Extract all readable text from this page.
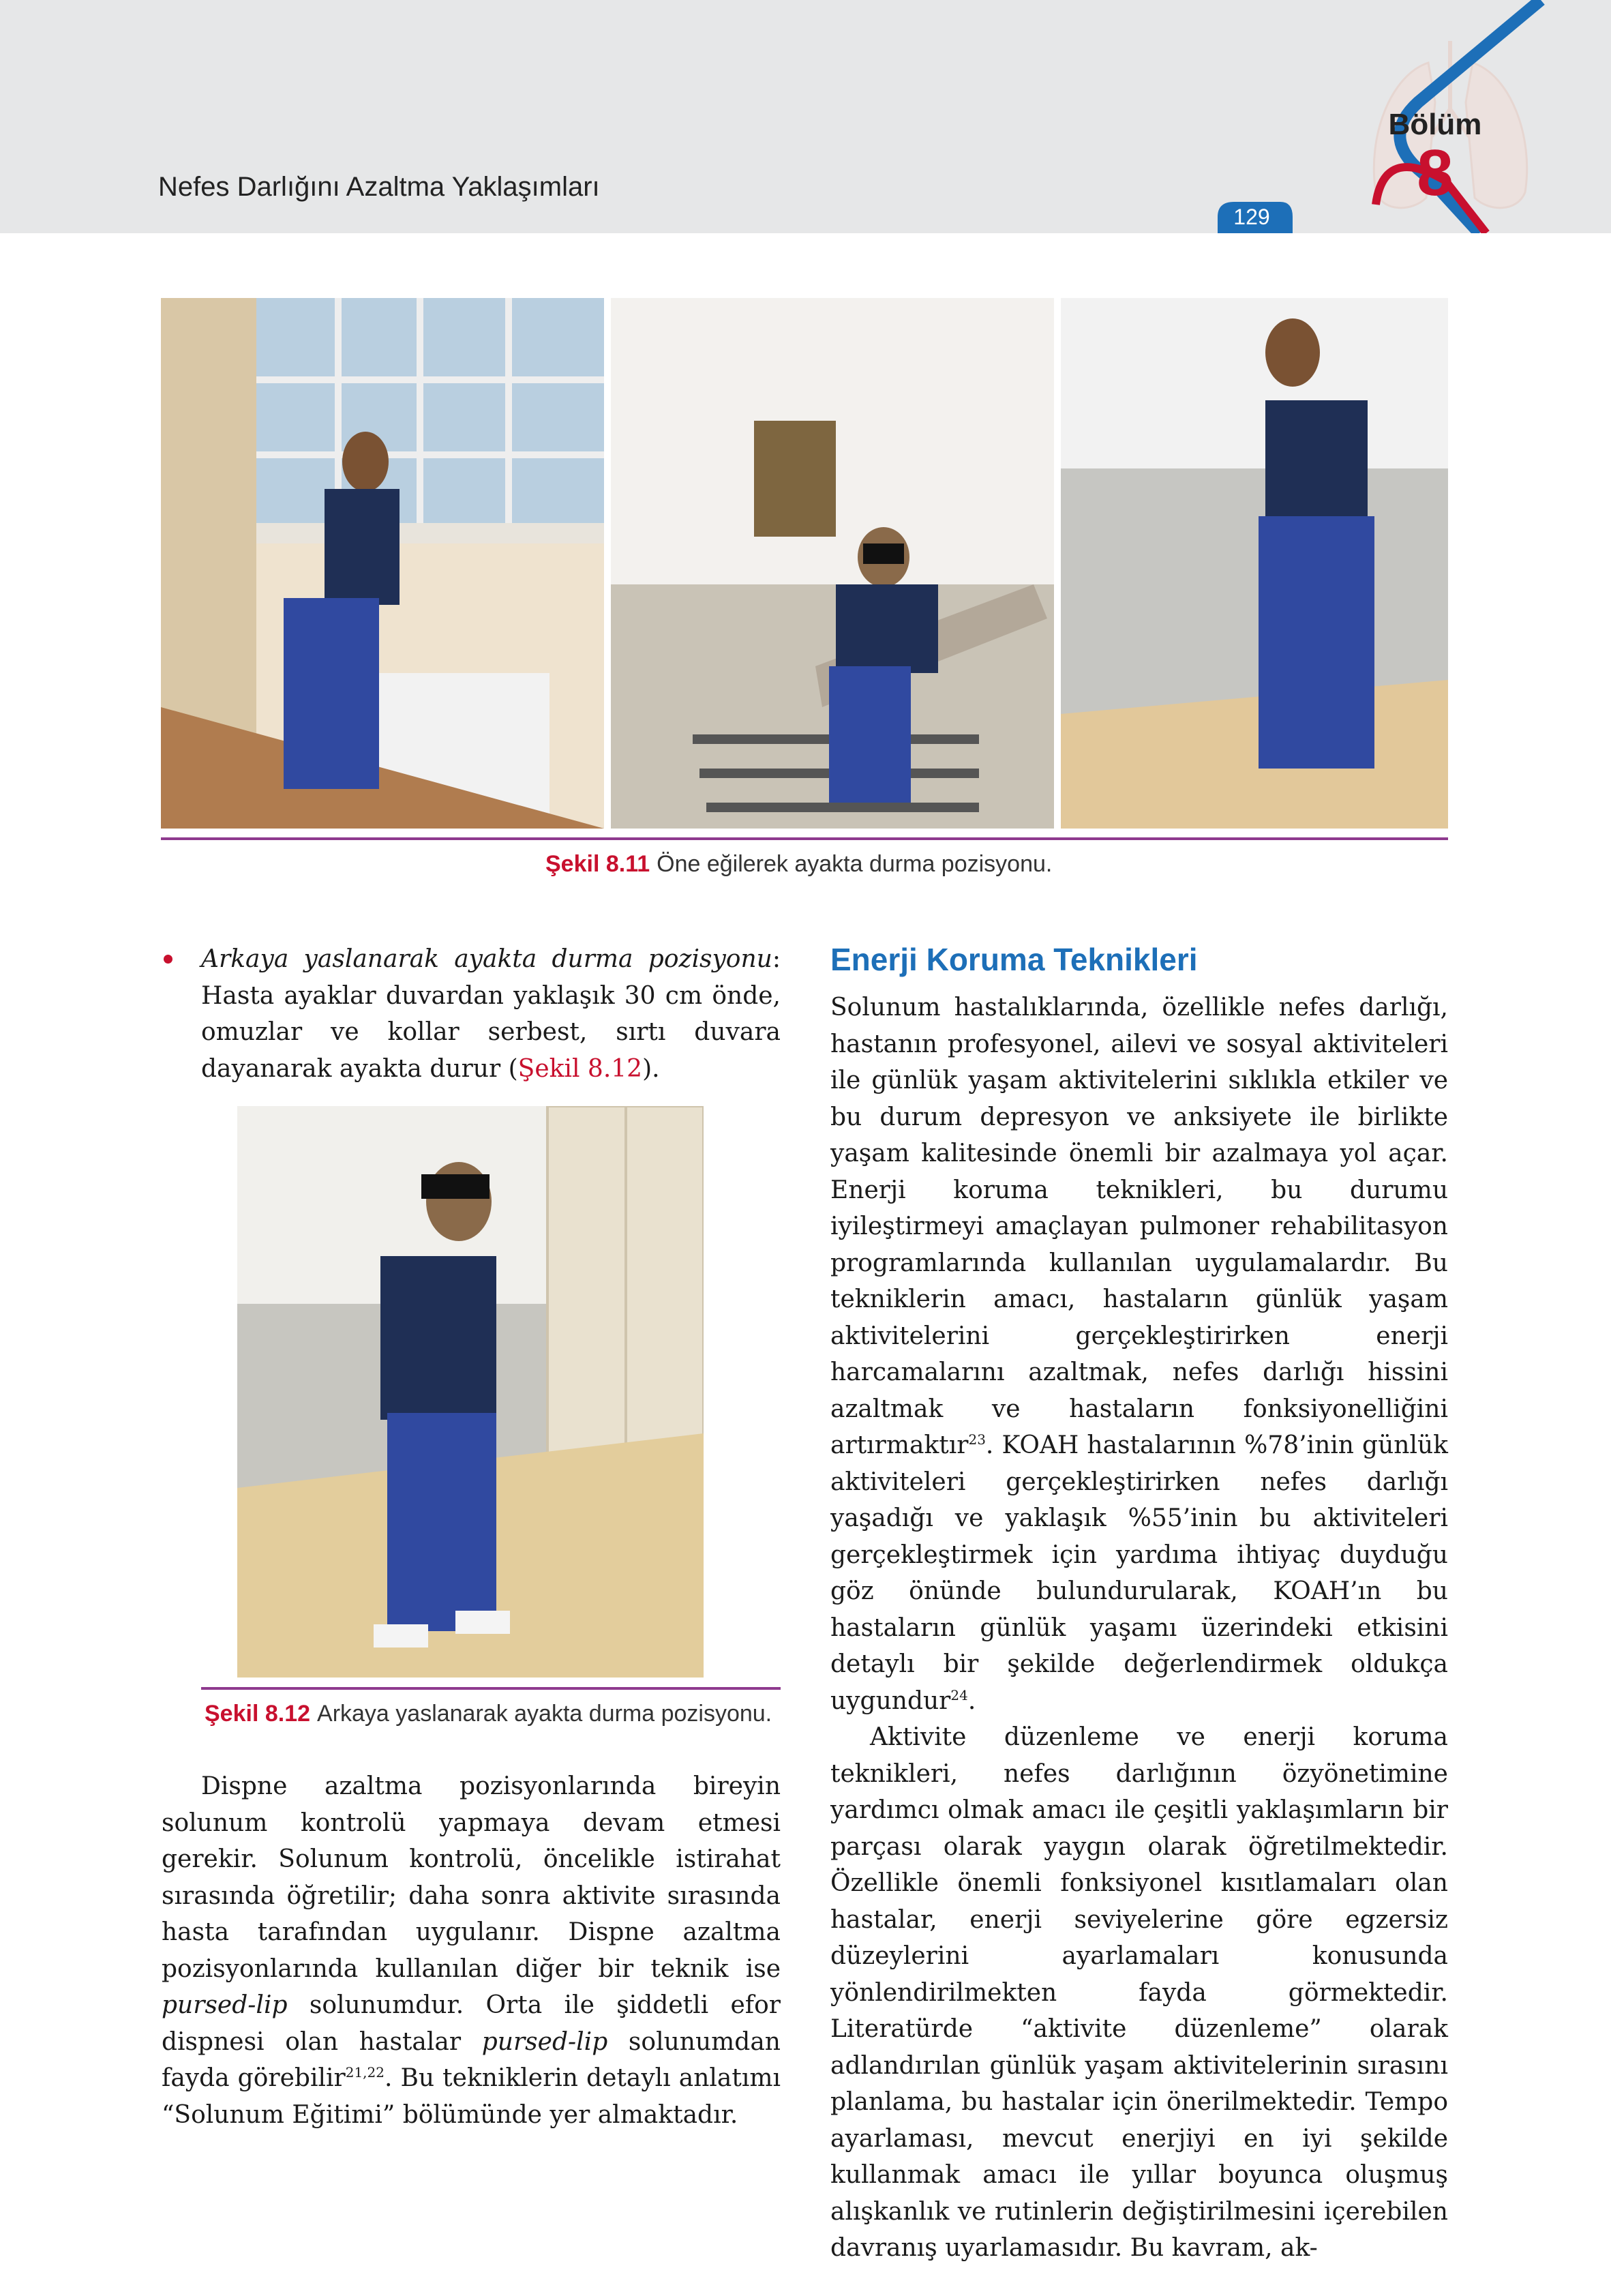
Nefes Darlığını Azaltma Yaklaşımları
129
Bölüm
8
Şekil 8.11 Öne eğilerek ayakta durma pozisyonu.

Arkaya yaslanarak ayakta durma pozisyonu: Hasta ayaklar duvardan yaklaşık 30 cm önde, omuzlar ve kollar serbest, sırtı duvara dayanarak ayakta durur (Şekil 8.12).

Şekil 8.12 Arkaya yaslanarak ayakta durma pozisyonu.

Dispne azaltma pozisyonlarında bireyin solunum kontrolü yapmaya devam etmesi gerekir. Solunum kontrolü, öncelikle istirahat sırasında öğretilir; daha sonra aktivite sırasında hasta tarafından uygulanır. Dispne azaltma pozisyonlarında kullanılan diğer bir teknik ise pursed-lip solunumdur. Orta ile şiddetli efor dispnesi olan hastalar pursed-lip solunumdan fayda görebilir$^{21,22}$. Bu tekniklerin detaylı anlatımı “Solunum Eğitimi” bölümünde yer almaktadır.

Enerji Koruma Teknikleri

Solunum hastalıklarında, özellikle nefes darlığı, hastanın profesyonel, ailevi ve sosyal aktiviteleri ile günlük yaşam aktivitelerini sıklıkla etkiler ve bu durum depresyon ve anksiyete ile birlikte yaşam kalitesinde önemli bir azalmaya yol açar. Enerji koruma teknikleri, bu durumu iyileştirmeyi amaçlayan pulmoner rehabilitasyon programlarında kullanılan uygulamalardır. Bu tekniklerin amacı, hastaların günlük yaşam aktivitelerini gerçekleştirirken enerji harcamalarını azaltmak, nefes darlığı hissini azaltmak ve hastaların fonksiyonelliğini artırmaktır$^{23}$. KOAH hastalarının %78’inin günlük aktiviteleri gerçekleştirirken nefes darlığı yaşadığı ve yaklaşık %55’inin bu aktiviteleri gerçekleştirmek için yardıma ihtiyaç duyduğu göz önünde bulundurularak, KOAH’ın bu hastaların günlük yaşamı üzerindeki etkisini detaylı bir şekilde değerlendirmek oldukça uygundur$^{24}$.

Aktivite düzenleme ve enerji koruma teknikleri, nefes darlığının özyönetimine yardımcı olmak amacı ile çeşitli yaklaşımların bir parçası olarak yaygın olarak öğretilmektedir. Özellikle önemli fonksiyonel kısıtlamaları olan hastalar, enerji seviyelerine göre egzersiz düzeylerini ayarlamaları konusunda yönlendirilmekten fayda görmektedir. Literatürde “aktivite düzenleme” olarak adlandırılan günlük yaşam aktivitelerinin sırasını planlama, bu hastalar için önerilmektedir. Tempo ayarlaması, mevcut enerjiyi en iyi şekilde kullanmak amacı ile yıllar boyunca oluşmuş alışkanlık ve rutinlerin değiştirilmesini içerebilen davranış uyarlamasıdır. Bu kavram, ak-
